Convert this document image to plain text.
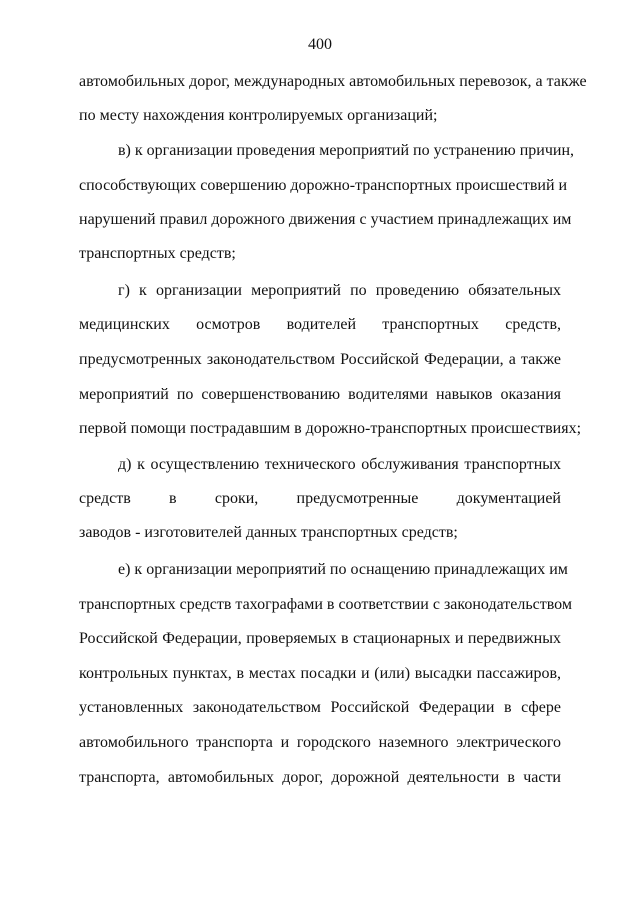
400
автомобильных дорог, международных автомобильных перевозок, а также
по месту нахождения контролируемых организаций;
в) к организации проведения мероприятий по устранению причин,
способствующих совершению дорожно-транспортных происшествий и
нарушений правил дорожного движения с участием принадлежащих им
транспортных средств;
г) к организации мероприятий по проведению обязательных
медицинских осмотров водителей транспортных средств,
предусмотренных законодательством Российской Федерации, а также
мероприятий по совершенствованию водителями навыков оказания
первой помощи пострадавшим в дорожно-транспортных происшествиях;
д) к осуществлению технического обслуживания транспортных
средств в сроки, предусмотренные документацией
заводов - изготовителей данных транспортных средств;
е) к организации мероприятий по оснащению принадлежащих им
транспортных средств тахографами в соответствии с законодательством
Российской Федерации, проверяемых в стационарных и передвижных
контрольных пунктах, в местах посадки и (или) высадки пассажиров,
установленных законодательством Российской Федерации в сфере
автомобильного транспорта и городского наземного электрического
транспорта, автомобильных дорог, дорожной деятельности в части
